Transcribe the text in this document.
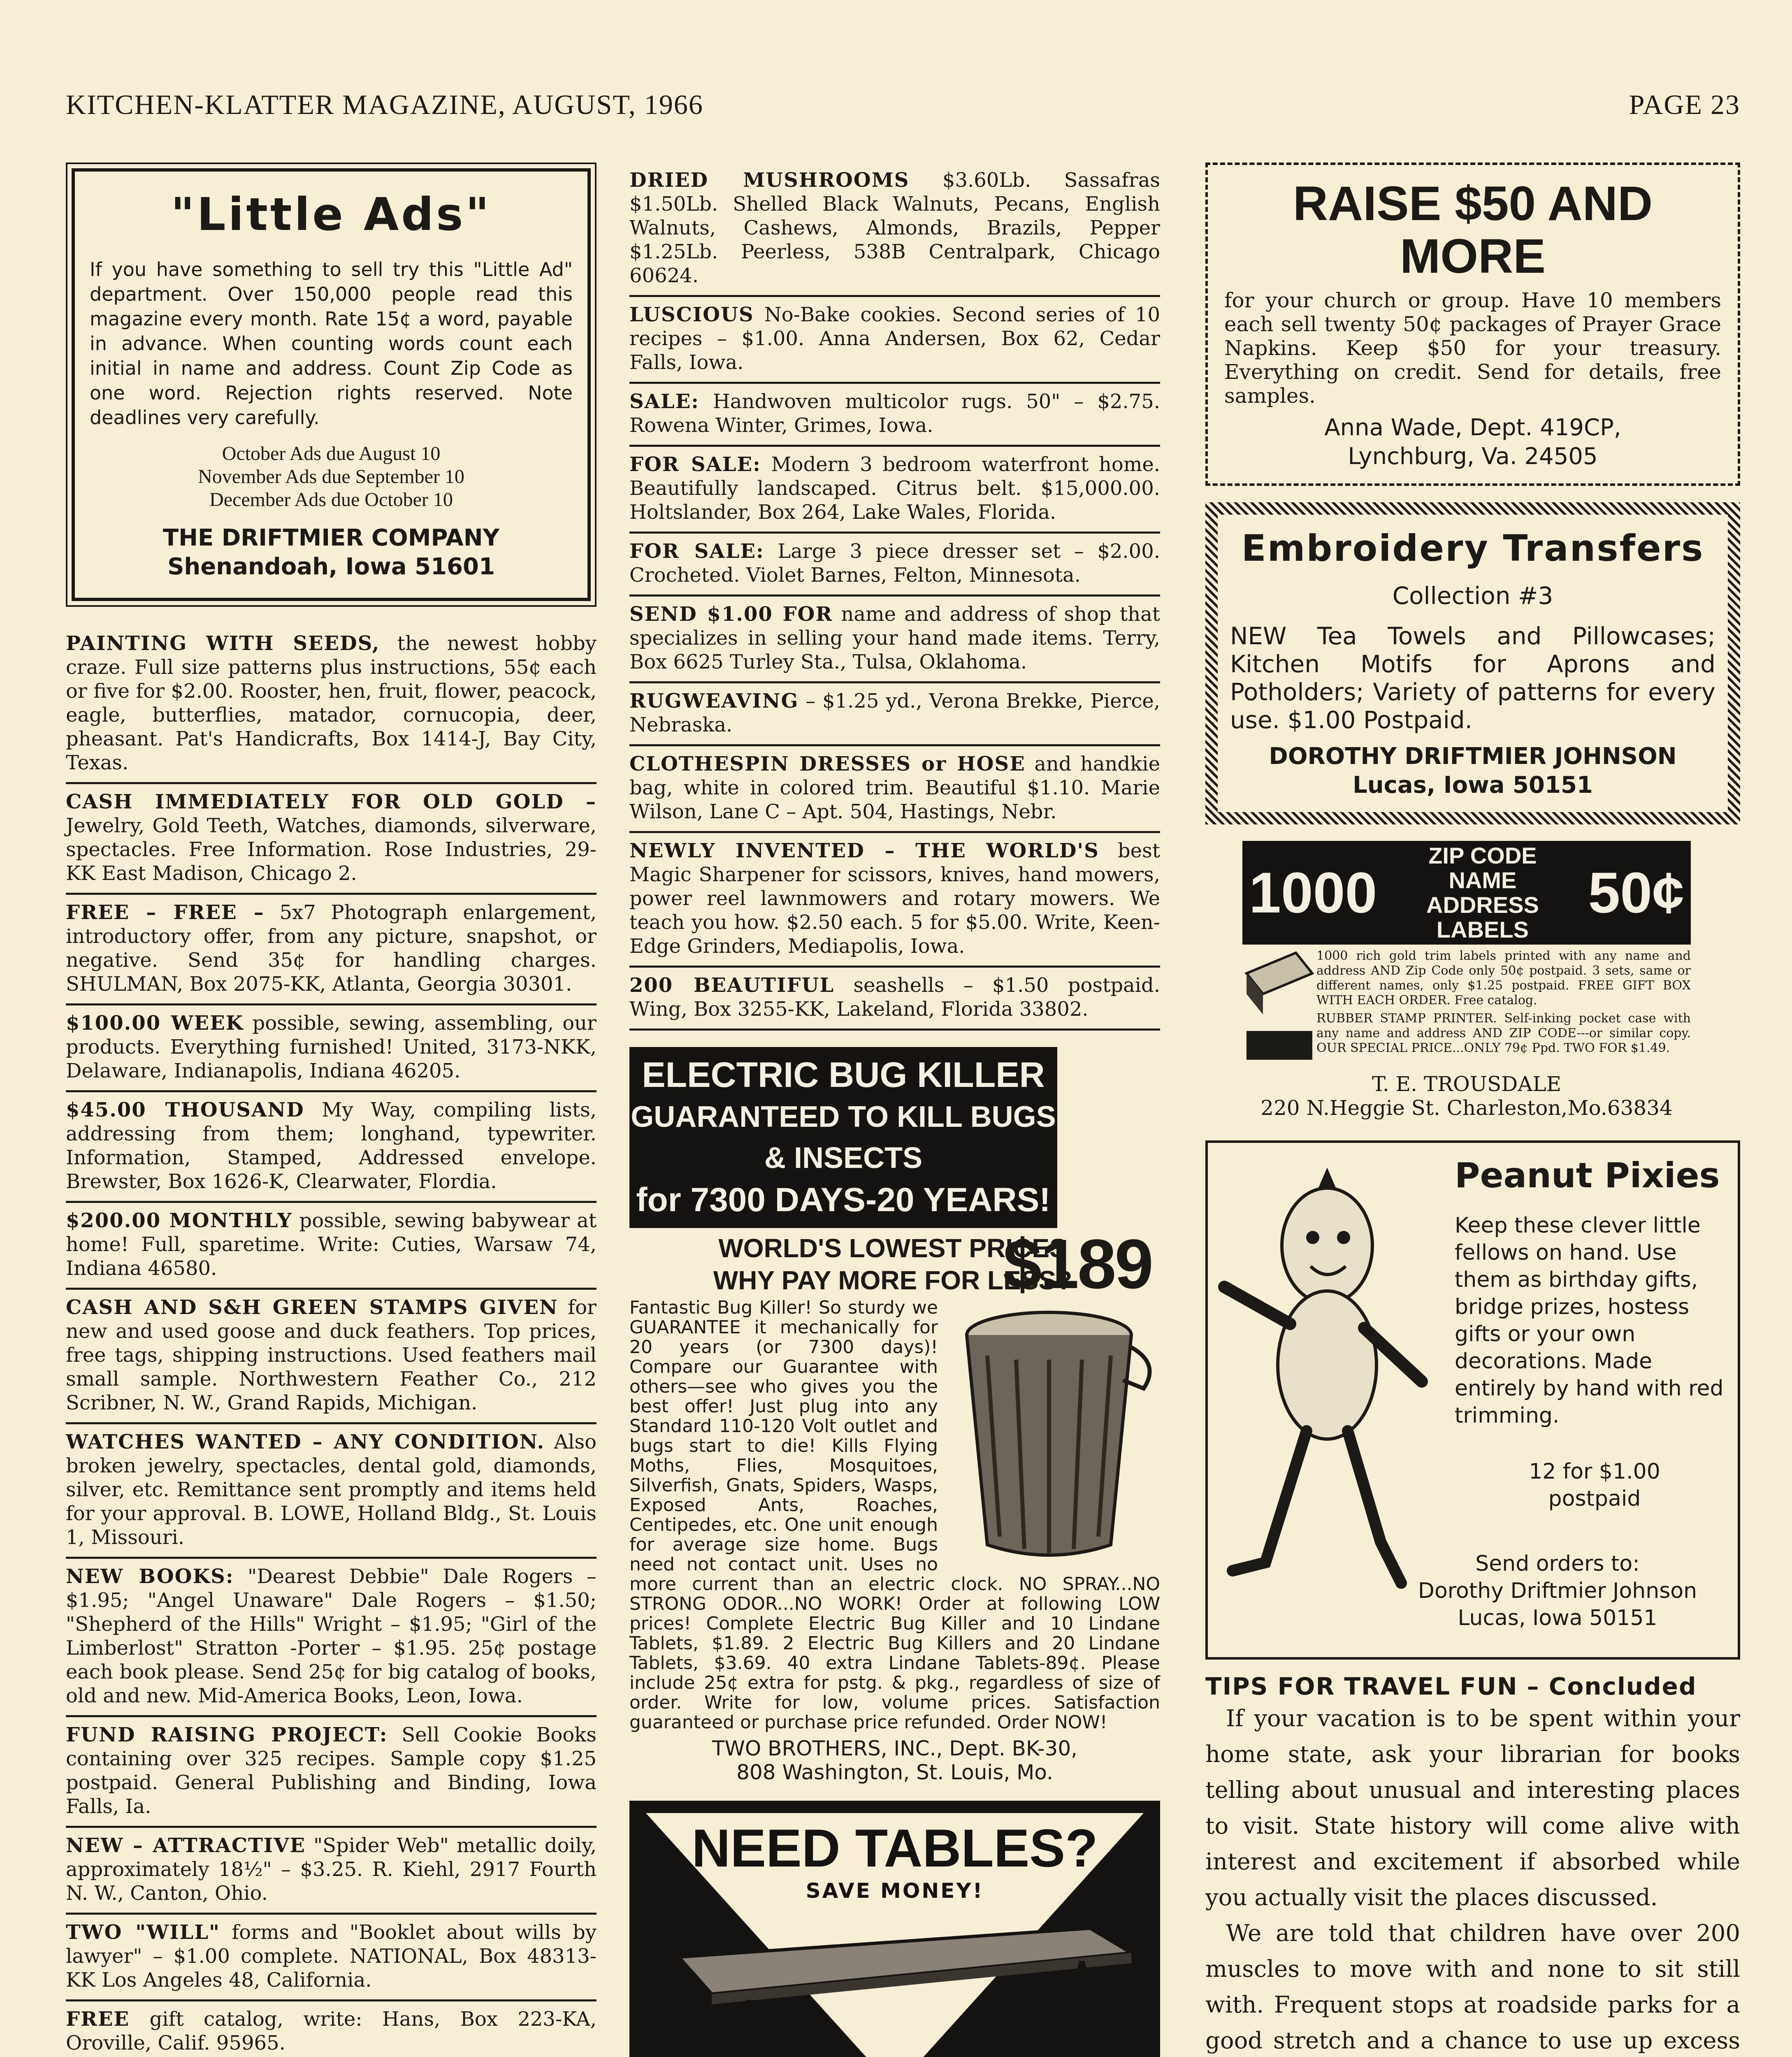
KITCHEN-KLATTER MAGAZINE, AUGUST, 1966	PAGE 23
"Little Ads"

If you have something to sell try this "Little Ad" department. Over 150,000 people read this magazine every month. Rate 15¢ a word, payable in advance. When counting words count each initial in name and address. Count Zip Code as one word. Rejection rights reserved. Note deadlines very carefully.

October Ads due August 10
November Ads due September 10
December Ads due October 10
THE DRIFTMIER COMPANY
Shenandoah, Iowa 51601
PAINTING WITH SEEDS, the newest hobby craze. Full size patterns plus instructions, 55¢ each or five for $2.00. Rooster, hen, fruit, flower, peacock, eagle, butterflies, matador, cornucopia, deer, pheasant. Pat's Handicrafts, Box 1414-J, Bay City, Texas.
CASH IMMEDIATELY FOR OLD GOLD – Jewelry, Gold Teeth, Watches, diamonds, silverware, spectacles. Free Information. Rose Industries, 29-KK East Madison, Chicago 2.
FREE – FREE – 5x7 Photograph enlargement, introductory offer, from any picture, snapshot, or negative. Send 35¢ for handling charges. SHULMAN, Box 2075-KK, Atlanta, Georgia 30301.
$100.00 WEEK possible, sewing, assembling, our products. Everything furnished! United, 3173-NKK, Delaware, Indianapolis, Indiana 46205.
$45.00 THOUSAND My Way, compiling lists, addressing from them; longhand, typewriter. Information, Stamped, Addressed envelope. Brewster, Box 1626-K, Clearwater, Flordia.
$200.00 MONTHLY possible, sewing babywear at home! Full, sparetime. Write: Cuties, Warsaw 74, Indiana 46580.
CASH AND S&H GREEN STAMPS GIVEN for new and used goose and duck feathers. Top prices, free tags, shipping instructions. Used feathers mail small sample. Northwestern Feather Co., 212 Scribner, N. W., Grand Rapids, Michigan.
WATCHES WANTED – ANY CONDITION. Also broken jewelry, spectacles, dental gold, diamonds, silver, etc. Remittance sent promptly and items held for your approval. B. LOWE, Holland Bldg., St. Louis 1, Missouri.
NEW BOOKS: "Dearest Debbie" Dale Rogers – $1.95; "Angel Unaware" Dale Rogers – $1.50; "Shepherd of the Hills" Wright – $1.95; "Girl of the Limberlost" Stratton -Porter – $1.95. 25¢ postage each book please. Send 25¢ for big catalog of books, old and new. Mid-America Books, Leon, Iowa.
FUND RAISING PROJECT: Sell Cookie Books containing over 325 recipes. Sample copy $1.25 postpaid. General Publishing and Binding, Iowa Falls, Ia.
NEW – ATTRACTIVE "Spider Web" metallic doily, approximately 18½" – $3.25. R. Kiehl, 2917 Fourth N. W., Canton, Ohio.
TWO "WILL" forms and "Booklet about wills by lawyer" – $1.00 complete. NATIONAL, Box 48313-KK Los Angeles 48, California.
FREE gift catalog, write: Hans, Box 223-KA, Oroville, Calif. 95965.
DRIED MUSHROOMS $3.60Lb. Sassafras $1.50Lb. Shelled Black Walnuts, Pecans, English Walnuts, Cashews, Almonds, Brazils, Pepper $1.25Lb. Peerless, 538B Centralpark, Chicago 60624.
LUSCIOUS No-Bake cookies. Second series of 10 recipes – $1.00. Anna Andersen, Box 62, Cedar Falls, Iowa.
SALE: Handwoven multicolor rugs. 50" – $2.75. Rowena Winter, Grimes, Iowa.
FOR SALE: Modern 3 bedroom waterfront home. Beautifully landscaped. Citrus belt. $15,000.00. Holtslander, Box 264, Lake Wales, Florida.
FOR SALE: Large 3 piece dresser set – $2.00. Crocheted. Violet Barnes, Felton, Minnesota.
SEND $1.00 FOR name and address of shop that specializes in selling your hand made items. Terry, Box 6625 Turley Sta., Tulsa, Oklahoma.
RUGWEAVING – $1.25 yd., Verona Brekke, Pierce, Nebraska.
CLOTHESPIN DRESSES or HOSE and handkie bag, white in colored trim. Beautiful $1.10. Marie Wilson, Lane C – Apt. 504, Hastings, Nebr.
NEWLY INVENTED – THE WORLD'S best Magic Sharpener for scissors, knives, hand mowers, power reel lawnmowers and rotary mowers. We teach you how. $2.50 each. 5 for $5.00. Write, Keen-Edge Grinders, Mediapolis, Iowa.
200 BEAUTIFUL seashells – $1.50 postpaid. Wing, Box 3255-KK, Lakeland, Florida 33802.
ELECTRIC BUG KILLER
GUARANTEED TO KILL BUGS & INSECTS
for 7300 DAYS-20 YEARS!
WORLD'S LOWEST PRICES
WHY PAY MORE FOR LESS?
$189
Fantastic Bug Killer! So sturdy we GUARANTEE it mechanically for 20 years (or 7300 days)! Compare our Guarantee with others—see who gives you the best offer! Just plug into any Standard 110-120 Volt outlet and bugs start to die! Kills Flying Moths, Flies, Mosquitoes, Silverfish, Gnats, Spiders, Wasps, Exposed Ants, Roaches, Centipedes, etc. One unit enough for average size home. Bugs need not contact unit. Uses no more current than an electric clock. NO SPRAY...NO STRONG ODOR...NO WORK! Order at following LOW prices! Complete Electric Bug Killer and 10 Lindane Tablets, $1.89. 2 Electric Bug Killers and 20 Lindane Tablets, $3.69. 40 extra Lindane Tablets-89¢. Please include 25¢ extra for pstg. & pkg., regardless of size of order. Write for low, volume prices. Satisfaction guaranteed or purchase price refunded. Order NOW!
TWO BROTHERS, INC., Dept. BK-30,
808 Washington, St. Louis, Mo.
NEED TABLES?
SAVE MONEY!
RAISE $50 AND MORE
for your church or group. Have 10 members each sell twenty 50¢ packages of Prayer Grace Napkins. Keep $50 for your treasury. Everything on credit. Send for details, free samples.
Anna Wade, Dept. 419CP,
Lynchburg, Va. 24505
Embroidery Transfers
Collection #3
NEW Tea Towels and Pillowcases; Kitchen Motifs for Aprons and Potholders; Variety of patterns for every use. $1.00 Postpaid.
DOROTHY DRIFTMIER JOHNSON
Lucas, Iowa 50151
1000
ZIP CODE NAME ADDRESS LABELS
50¢
1000 rich gold trim labels printed with any name and address AND Zip Code only 50¢ postpaid. 3 sets, same or different names, only $1.25 postpaid. FREE GIFT BOX WITH EACH ORDER. Free catalog.
RUBBER STAMP PRINTER. Self-inking pocket case with any name and address AND ZIP CODE---or similar copy. OUR SPECIAL PRICE...ONLY 79¢ Ppd. TWO FOR $1.49.
T. E. TROUSDALE
220 N.Heggie St. Charleston,Mo.63834
Peanut Pixies
Keep these clever little fellows on hand. Use them as birthday gifts, bridge prizes, hostess gifts or your own decorations. Made entirely by hand with red trimming.
12 for $1.00 postpaid
Send orders to:
Dorothy Driftmier Johnson
Lucas, Iowa 50151
TIPS FOR TRAVEL FUN – Concluded

If your vacation is to be spent within your home state, ask your librarian for books telling about unusual and interesting places to visit. State history will come alive with interest and excitement if absorbed while you actually visit the places discussed.

We are told that children have over 200 muscles to move with and none to sit still with. Frequent stops at roadside parks for a good stretch and a chance to use up excess
